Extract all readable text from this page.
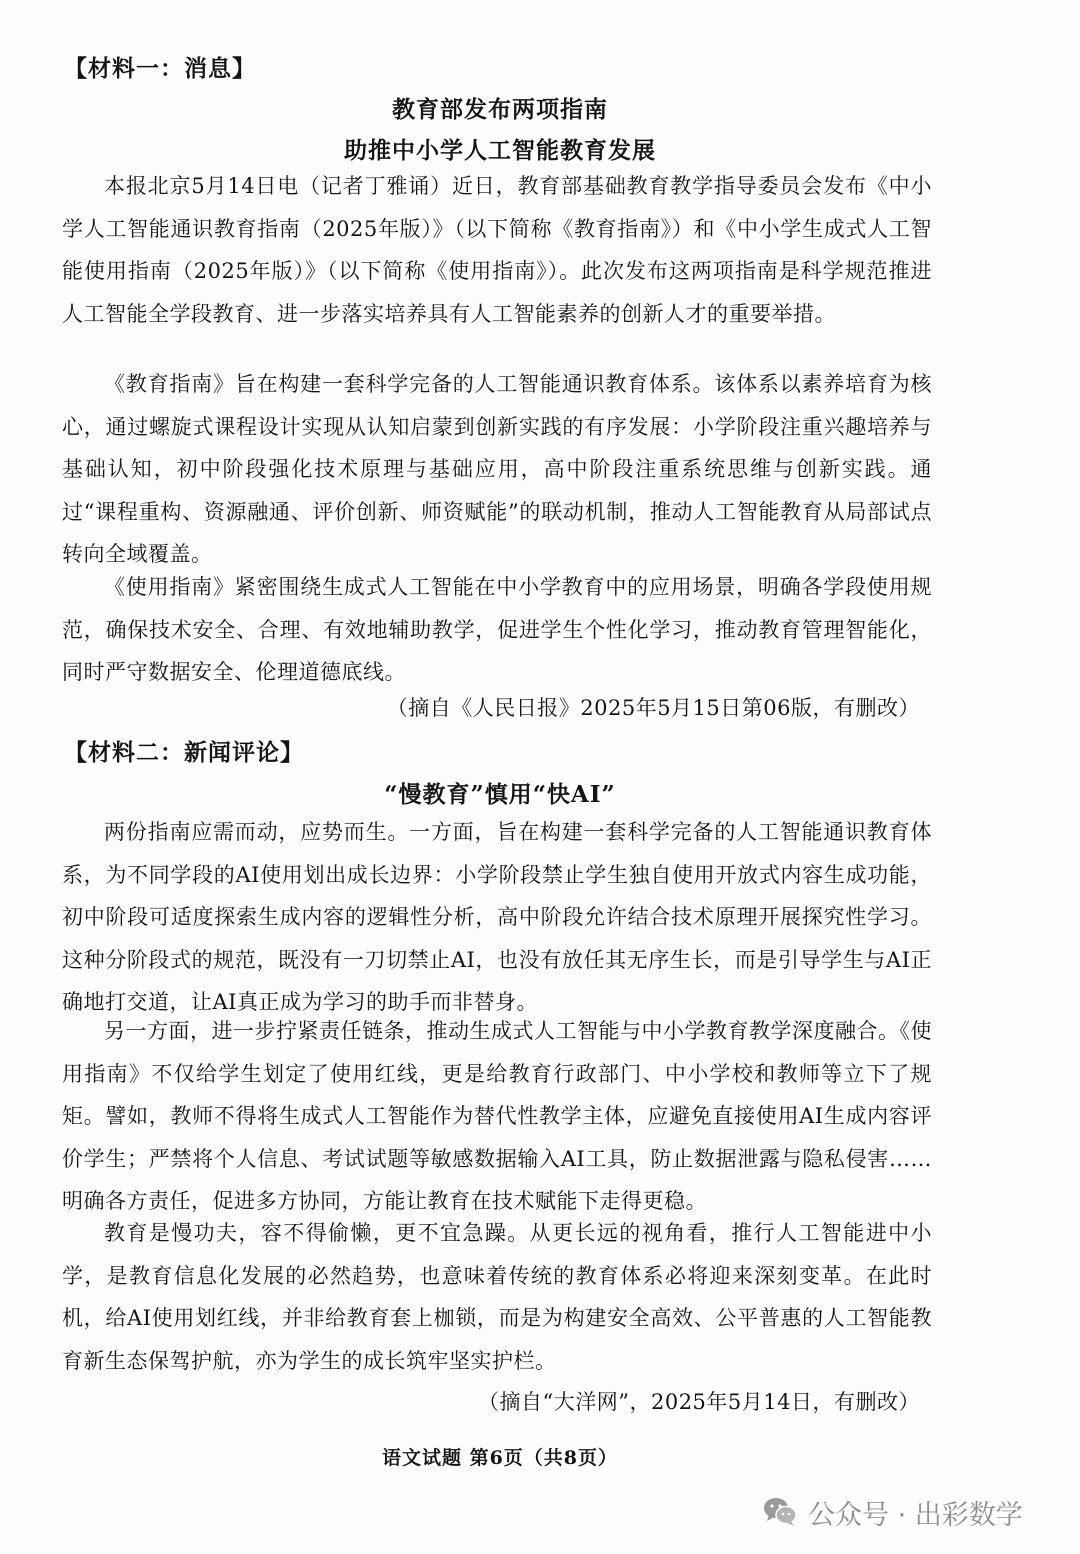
【材料一：消息】
教育部发布两项指南
助推中小学人工智能教育发展

本报北京5月14日电（记者丁雅诵）近日，教育部基础教育教学指导委员会发布《中小学人工智能通识教育指南（2025年版）》（以下简称《教育指南》）和《中小学生成式人工智能使用指南（2025年版）》（以下简称《使用指南》）。此次发布这两项指南是科学规范推进人工智能全学段教育、进一步落实培养具有人工智能素养的创新人才的重要举措。

《教育指南》旨在构建一套科学完备的人工智能通识教育体系。该体系以素养培育为核心，通过螺旋式课程设计实现从认知启蒙到创新实践的有序发展：小学阶段注重兴趣培养与基础认知，初中阶段强化技术原理与基础应用，高中阶段注重系统思维与创新实践。通过“课程重构、资源融通、评价创新、师资赋能”的联动机制，推动人工智能教育从局部试点转向全域覆盖。

《使用指南》紧密围绕生成式人工智能在中小学教育中的应用场景，明确各学段使用规范，确保技术安全、合理、有效地辅助教学，促进学生个性化学习，推动教育管理智能化，同时严守数据安全、伦理道德底线。

（摘自《人民日报》2025年5月15日第06版，有删改）
【材料二：新闻评论】
“慢教育”慎用“快AI”

两份指南应需而动，应势而生。一方面，旨在构建一套科学完备的人工智能通识教育体系，为不同学段的AI使用划出成长边界：小学阶段禁止学生独自使用开放式内容生成功能，初中阶段可适度探索生成内容的逻辑性分析，高中阶段允许结合技术原理开展探究性学习。这种分阶段式的规范，既没有一刀切禁止AI，也没有放任其无序生长，而是引导学生与AI正确地打交道，让AI真正成为学习的助手而非替身。

另一方面，进一步拧紧责任链条，推动生成式人工智能与中小学教育教学深度融合。《使用指南》不仅给学生划定了使用红线，更是给教育行政部门、中小学校和教师等立下了规矩。譬如，教师不得将生成式人工智能作为替代性教学主体，应避免直接使用AI生成内容评价学生；严禁将个人信息、考试试题等敏感数据输入AI工具，防止数据泄露与隐私侵害……明确各方责任，促进多方协同，方能让教育在技术赋能下走得更稳。

教育是慢功夫，容不得偷懒，更不宜急躁。从更长远的视角看，推行人工智能进中小学，是教育信息化发展的必然趋势，也意味着传统的教育体系必将迎来深刻变革。在此时机，给AI使用划红线，并非给教育套上枷锁，而是为构建安全高效、公平普惠的人工智能教育新生态保驾护航，亦为学生的成长筑牢坚实护栏。

（摘自“大洋网”，2025年5月14日，有删改）
语文试题 第6页（共8页）
公众号 · 出彩数学
